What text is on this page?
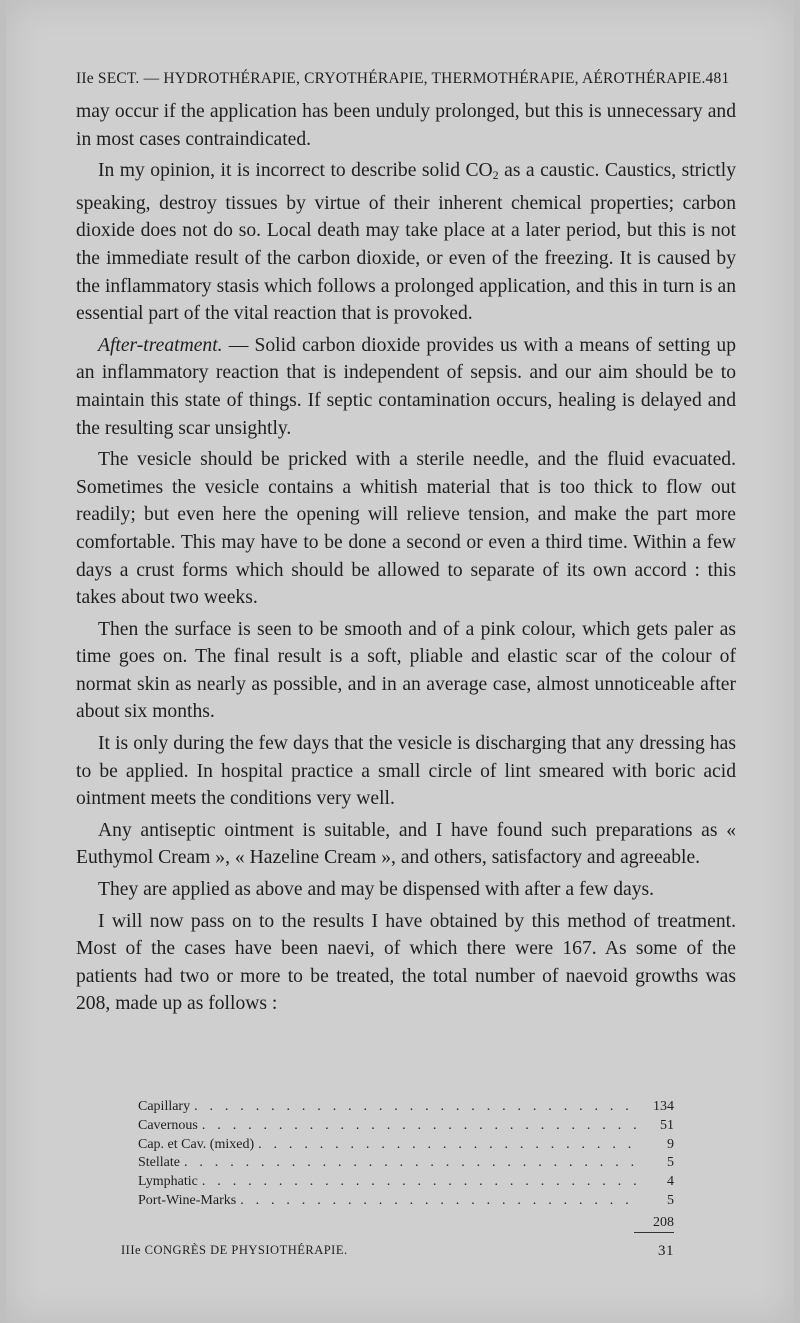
IIe SECT. — HYDROTHÉRAPIE, CRYOTHÉRAPIE, THERMOTHÉRAPIE, AÉROTHÉRAPIE. 481

may occur if the application has been unduly prolonged, but this is unnecessary and in most cases contraindicated.

In my opinion, it is incorrect to describe solid $CO_2$ as a caustic. Caustics, strictly speaking, destroy tissues by virtue of their inherent chemical properties; carbon dioxide does not do so. Local death may take place at a later period, but this is not the immediate result of the carbon dioxide, or even of the freezing. It is caused by the inflammatory stasis which follows a prolonged application, and this in turn is an essential part of the vital reaction that is provoked.

After-treatment. — Solid carbon dioxide provides us with a means of setting up an inflammatory reaction that is independent of sepsis. and our aim should be to maintain this state of things. If septic contamination occurs, healing is delayed and the resulting scar unsightly.

The vesicle should be pricked with a sterile needle, and the fluid evacuated. Sometimes the vesicle contains a whitish material that is too thick to flow out readily; but even here the opening will relieve tension, and make the part more comfortable. This may have to be done a second or even a third time. Within a few days a crust forms which should be allowed to separate of its own accord : this takes about two weeks.

Then the surface is seen to be smooth and of a pink colour, which gets paler as time goes on. The final result is a soft, pliable and elastic scar of the colour of normat skin as nearly as possible, and in an average case, almost unnoticeable after about six months.

It is only during the few days that the vesicle is discharging that any dressing has to be applied. In hospital practice a small circle of lint smeared with boric acid ointment meets the conditions very well.

Any antiseptic ointment is suitable, and I have found such preparations as « Euthymol Cream », « Hazeline Cream », and others, satisfactory and agreeable.

They are applied as above and may be dispensed with after a few days.

I will now pass on to the results I have obtained by this method of treatment. Most of the cases have been naevi, of which there were 167. As some of the patients had two or more to be treated, the total number of naevoid growths was 208, made up as follows :

Capillary . . .	134
Cavernous . . .	51
Cap. et Cav. (mixed) . . .	9
Stellate . . .	5
Lymphatic . . .	4
Port-Wine-Marks . . .	5
208
IIIe CONGRÈS DE PHYSIOTHÉRAPIE.	31
